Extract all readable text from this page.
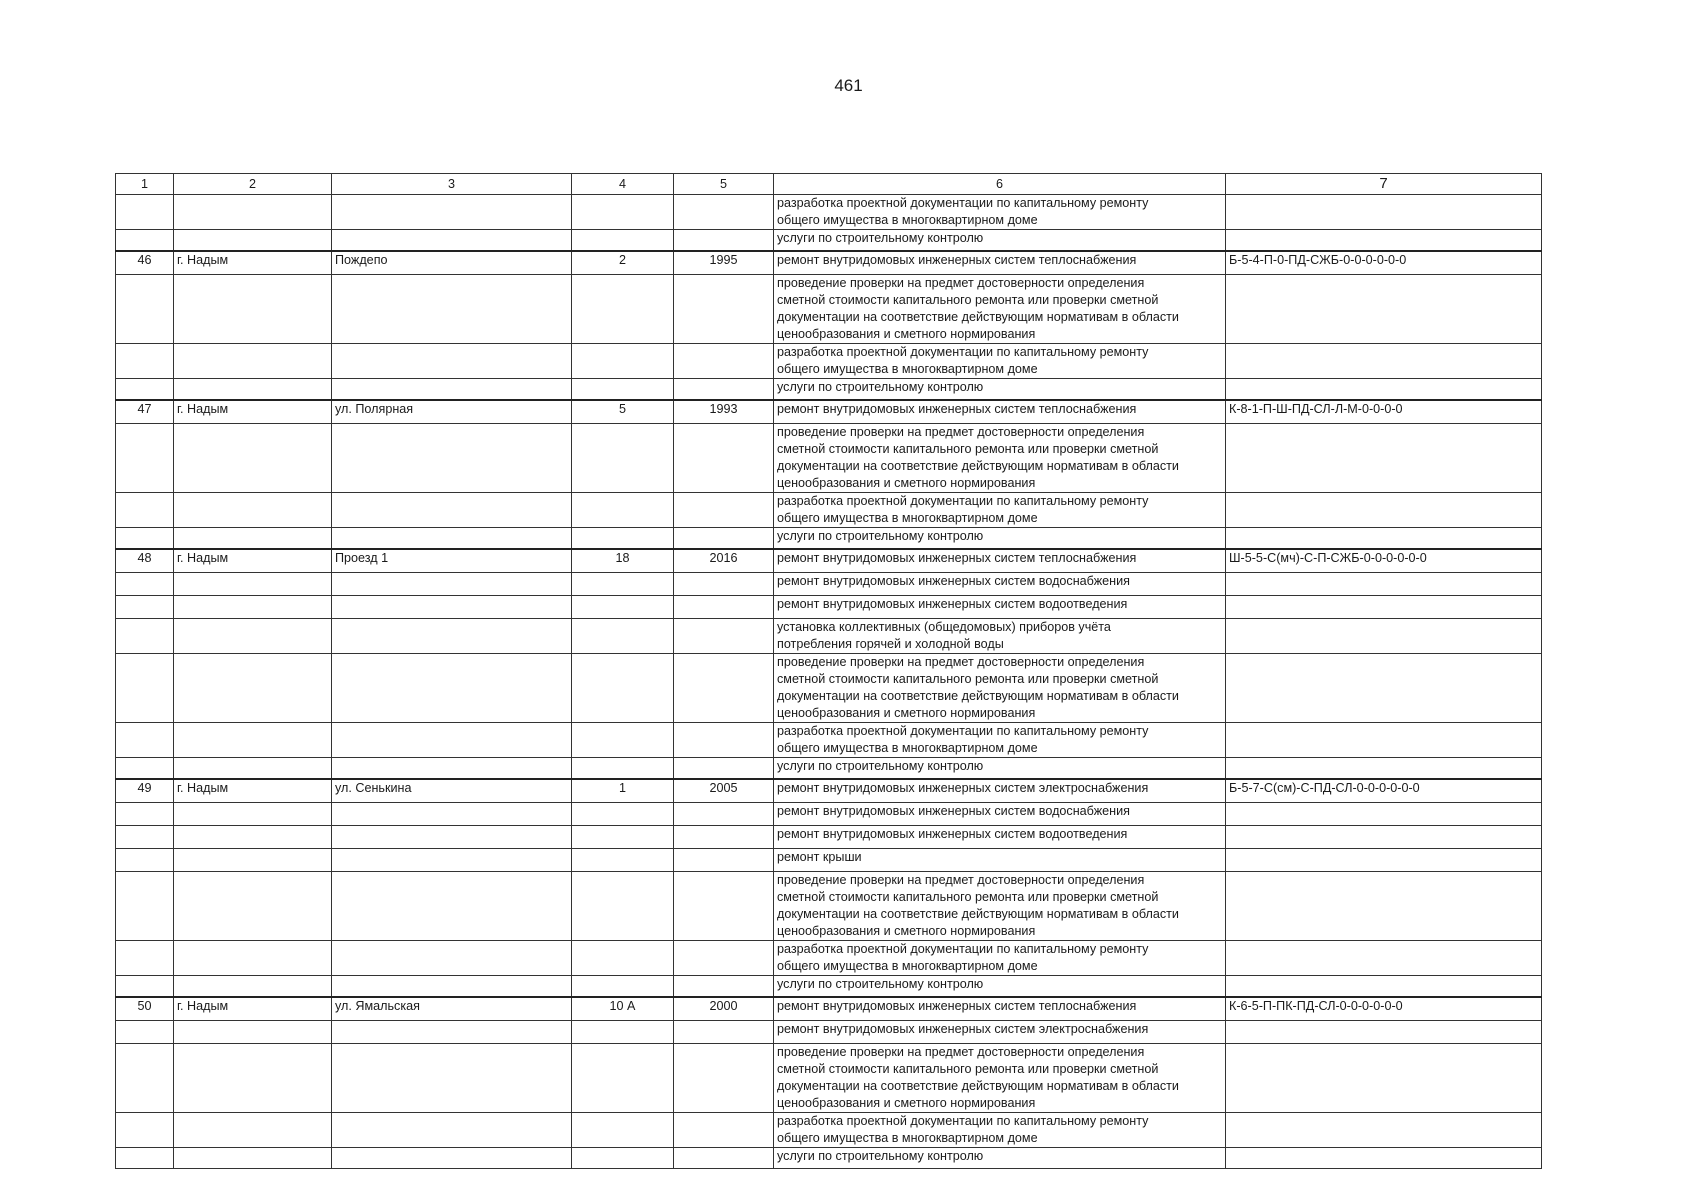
461
1	2	3	4	5	6	7
					разработка проектной документации по капитальному ремонту
общего имущества в многоквартирном доме	
					услуги по строительному контролю	
46	г. Надым	Пождепо	2	1995	ремонт внутридомовых инженерных систем теплоснабжения	Б-5-4-П-0-ПД-СЖБ-0-0-0-0-0-0
					проведение проверки на предмет достоверности определения
сметной стоимости капитального ремонта или проверки сметной
документации на соответствие действующим нормативам в области
ценообразования и сметного нормирования	
					разработка проектной документации по капитальному ремонту
общего имущества в многоквартирном доме	
					услуги по строительному контролю	
47	г. Надым	ул. Полярная	5	1993	ремонт внутридомовых инженерных систем теплоснабжения	К-8-1-П-Ш-ПД-СЛ-Л-М-0-0-0-0
					проведение проверки на предмет достоверности определения
сметной стоимости капитального ремонта или проверки сметной
документации на соответствие действующим нормативам в области
ценообразования и сметного нормирования	
					разработка проектной документации по капитальному ремонту
общего имущества в многоквартирном доме	
					услуги по строительному контролю	
48	г. Надым	Проезд 1	18	2016	ремонт внутридомовых инженерных систем теплоснабжения	Ш-5-5-С(мч)-С-П-СЖБ-0-0-0-0-0-0
					ремонт внутридомовых инженерных систем водоснабжения	
					ремонт внутридомовых инженерных систем водоотведения	
					установка коллективных (общедомовых) приборов учёта
потребления горячей и холодной воды	
					проведение проверки на предмет достоверности определения
сметной стоимости капитального ремонта или проверки сметной
документации на соответствие действующим нормативам в области
ценообразования и сметного нормирования	
					разработка проектной документации по капитальному ремонту
общего имущества в многоквартирном доме	
					услуги по строительному контролю	
49	г. Надым	ул. Сенькина	1	2005	ремонт внутридомовых инженерных систем электроснабжения	Б-5-7-С(см)-С-ПД-СЛ-0-0-0-0-0-0
					ремонт внутридомовых инженерных систем водоснабжения	
					ремонт внутридомовых инженерных систем водоотведения	
					ремонт крыши	
					проведение проверки на предмет достоверности определения
сметной стоимости капитального ремонта или проверки сметной
документации на соответствие действующим нормативам в области
ценообразования и сметного нормирования	
					разработка проектной документации по капитальному ремонту
общего имущества в многоквартирном доме	
					услуги по строительному контролю	
50	г. Надым	ул. Ямальская	10 А	2000	ремонт внутридомовых инженерных систем теплоснабжения	К-6-5-П-ПК-ПД-СЛ-0-0-0-0-0-0
					ремонт внутридомовых инженерных систем электроснабжения	
					проведение проверки на предмет достоверности определения
сметной стоимости капитального ремонта или проверки сметной
документации на соответствие действующим нормативам в области
ценообразования и сметного нормирования	
					разработка проектной документации по капитальному ремонту
общего имущества в многоквартирном доме	
					услуги по строительному контролю	
